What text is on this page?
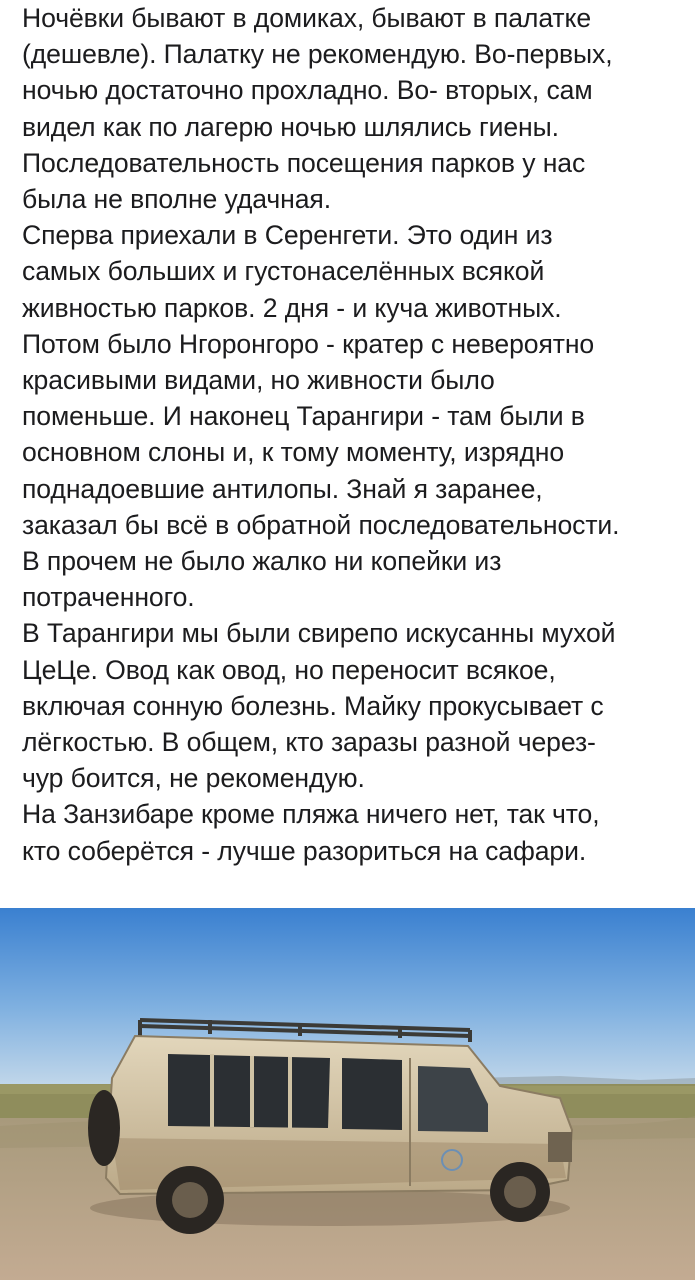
Ночёвки бывают в домиках, бывают в палатке
(дешевле). Палатку не рекомендую. Во-первых,
ночью достаточно прохладно. Во- вторых, сам
видел как по лагерю ночью шлялись гиены.
Последовательность посещения парков у нас
была не вполне удачная.
Сперва приехали в Серенгети. Это один из
самых больших и густонаселённых всякой
живностью парков. 2 дня - и куча животных.
Потом было Нгоронгоро - кратер с невероятно
красивыми видами, но живности было
поменьше. И наконец Тарангири - там были в
основном слоны и, к тому моменту, изрядно
поднадоевшие антилопы. Знай я заранее,
заказал бы всё в обратной последовательности.
В прочем не было жалко ни копейки из
потраченного.
В Тарангири мы были свирепо искусанны мухой
ЦеЦе. Овод как овод, но переносит всякое,
включая сонную болезнь. Майку прокусывает с
лёгкостью. В общем, кто заразы разной через-
чур боится, не рекомендую.
На Занзибаре кроме пляжа ничего нет, так что,
кто соберётся - лучше разориться на сафари.
